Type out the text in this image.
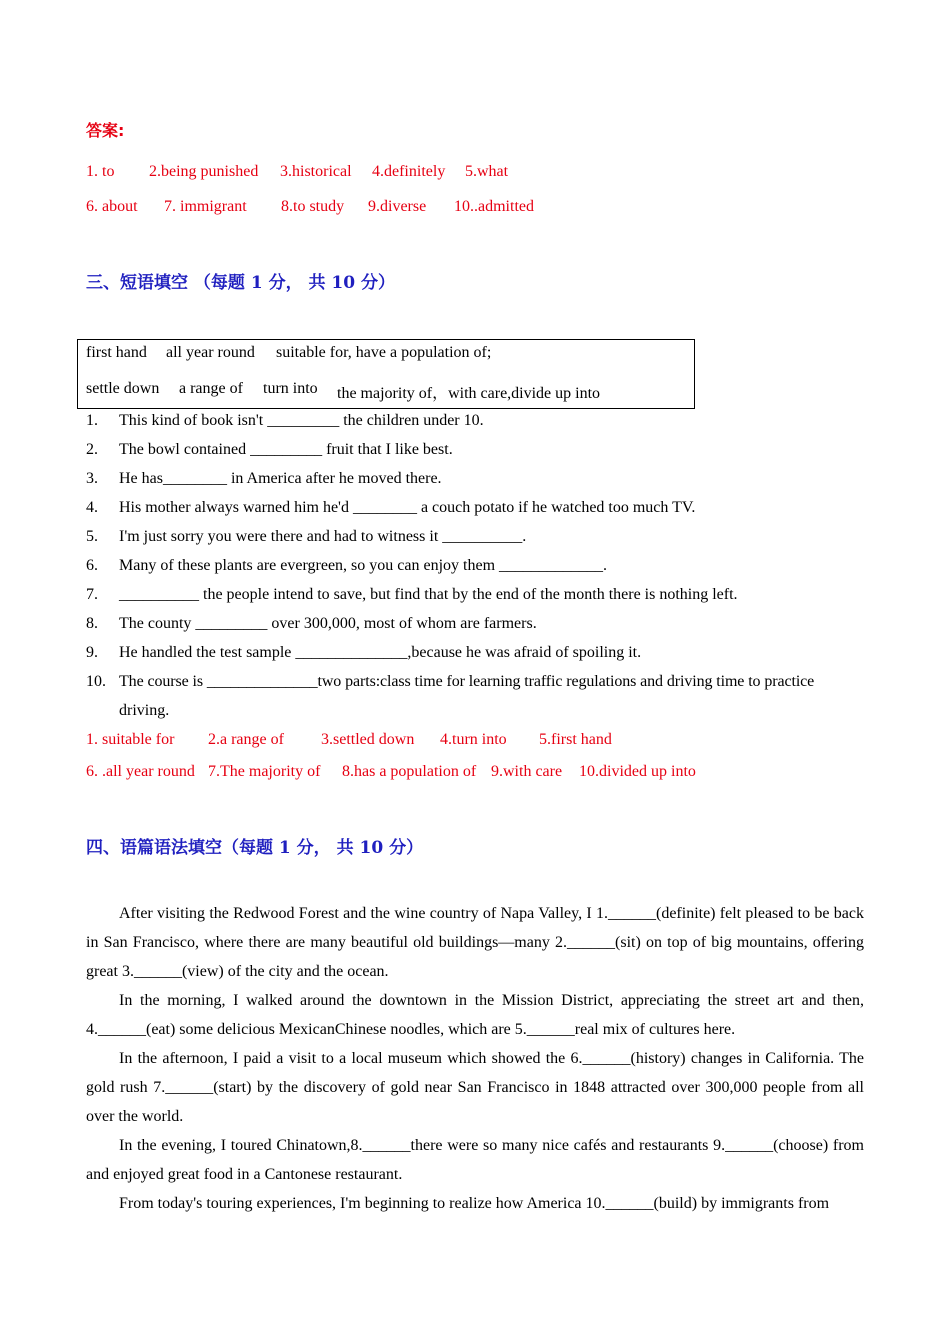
答案:
1. to 2.being punished 3.historical 4.definitely 5.what
6. about 7. immigrant 8.to study 9.diverse 10..admitted
三、短语填空 （每题 1 分， 共 10 分）
first hand all year round suitable for, have a population of;
settle down a range of turn into the majority of，with care,divide up into
1. This kind of book isn't _________ the children under 10.
2. The bowl contained _________ fruit that I like best.
3. He has________ in America after he moved there.
4. His mother always warned him he'd ________ a couch potato if he watched too much TV.
5. I'm just sorry you were there and had to witness it __________.
6. Many of these plants are evergreen, so you can enjoy them _____________.
7. __________ the people intend to save, but find that by the end of the month there is nothing left.
8. The county _________ over 300,000, most of whom are farmers.
9. He handled the test sample ______________,because he was afraid of spoiling it.
10. The course is ______________two parts:class time for learning traffic regulations and driving time to practice
driving.
1. suitable for 2.a range of 3.settled down 4.turn into 5.first hand
6. .all year round 7.The majority of 8.has a population of 9.with care 10.divided up into
四、语篇语法填空（每题 1 分， 共 10 分）

After visiting the Redwood Forest and the wine country of Napa Valley, I 1.______(definite) felt pleased to be back in San Francisco, where there are many beautiful old buildings—many 2.______(sit) on top of big mountains, offering great 3.______(view) of the city and the ocean.

In the morning, I walked around the downtown in the Mission District, appreciating the street art and then, 4.______(eat) some delicious MexicanChinese noodles, which are 5.______real mix of cultures here.

In the afternoon, I paid a visit to a local museum which showed the 6.______(history) changes in California. The gold rush 7.______(start) by the discovery of gold near San Francisco in 1848 attracted over 300,000 people from all over the world.

In the evening, I toured Chinatown,8.______there were so many nice cafés and restaurants 9.______(choose) from and enjoyed great food in a Cantonese restaurant.

From today's touring experiences, I'm beginning to realize how America 10.______(build) by immigrants from
